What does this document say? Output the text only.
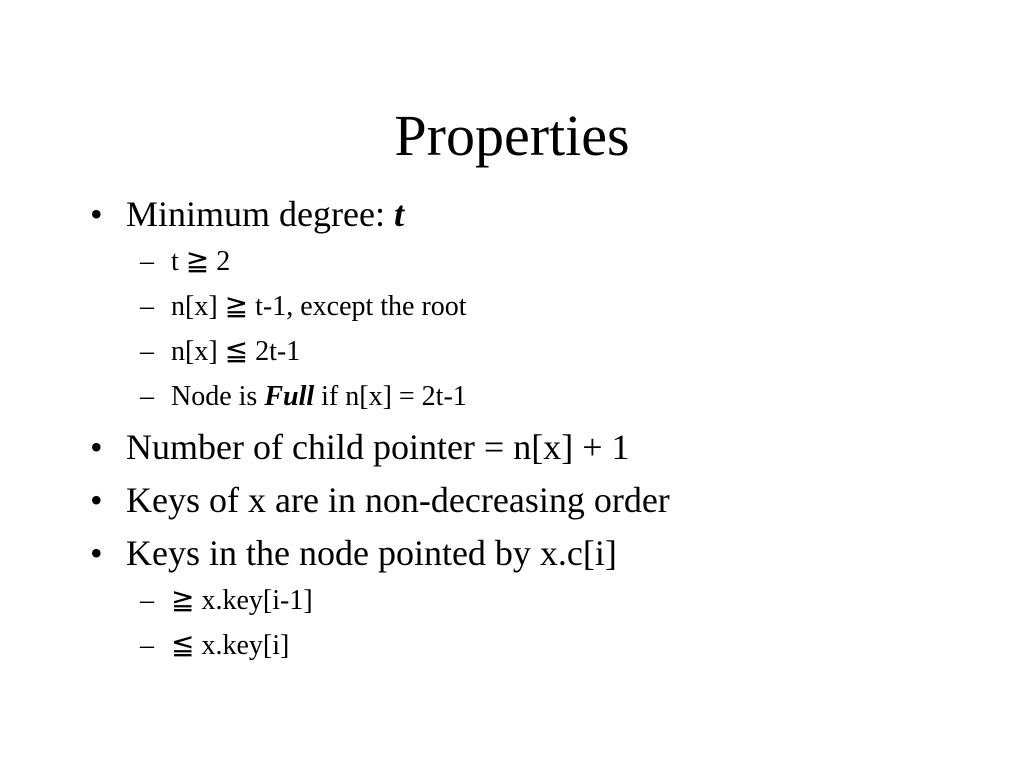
Properties
• Minimum degree: t
– t ≧ 2
– n[x] ≧ t-1, except the root
– n[x] ≦ 2t-1
– Node is Full if n[x] = 2t-1
• Number of child pointer = n[x] + 1
• Keys of x are in non-decreasing order
• Keys in the node pointed by x.c[i]
– ≧ x.key[i-1]
– ≦ x.key[i]
